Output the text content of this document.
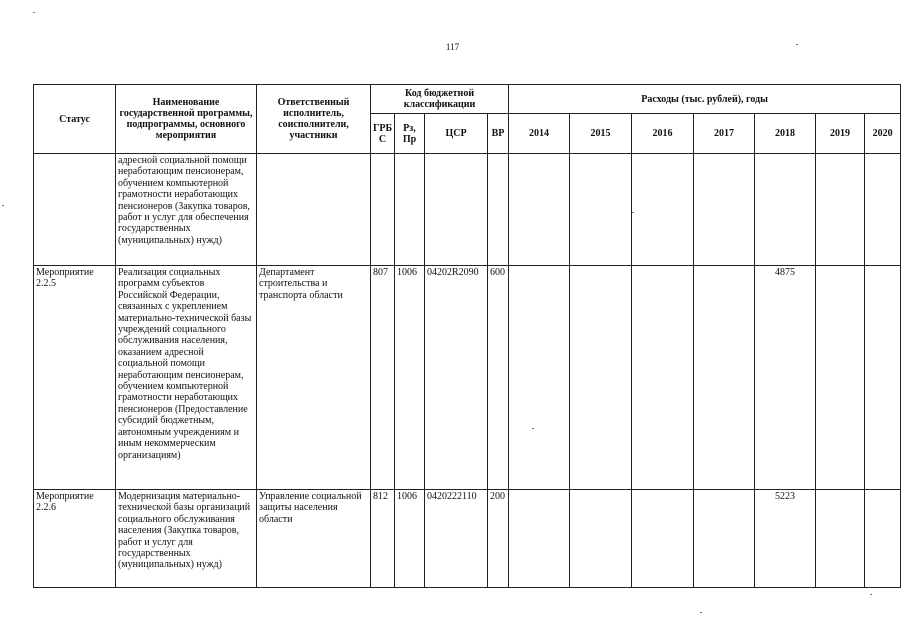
117
Статус	Наименование государственной программы, подпрограммы, основного мероприятия	Ответственный исполнитель, соисполнители, участники	Код бюджетной классификации				Расходы (тыс. рублей), годы						
			ГРБ С	Рз, Пр	ЦСР	ВР	2014	2015	2016	2017	2018	2019	2020
	адресной социальной помощи неработающим пенсионерам, обучением компьютерной грамотности неработающих пенсионеров (Закупка товаров, работ и услуг для обеспечения государственных (муниципальных) нужд)												
Мероприятие 2.2.5	Реализация социальных программ субъектов Российской Федерации, связанных с укреплением материально-технической базы учреждений социального обслуживания населения, оказанием адресной социальной помощи неработающим пенсионерам, обучением компьютерной грамотности неработающих пенсионеров (Предоставление субсидий бюджетным, автономным учреждениям и иным некоммерческим организациям)	Департамент строительства и транспорта области	807	1006	04202R2090	600					4875		
Мероприятие 2.2.6	Модернизация материально-технической базы организаций социального обслуживания населения (Закупка товаров, работ и услуг для государственных (муниципальных) нужд)	Управление социальной защиты населения области	812	1006	0420222110	200					5223		
